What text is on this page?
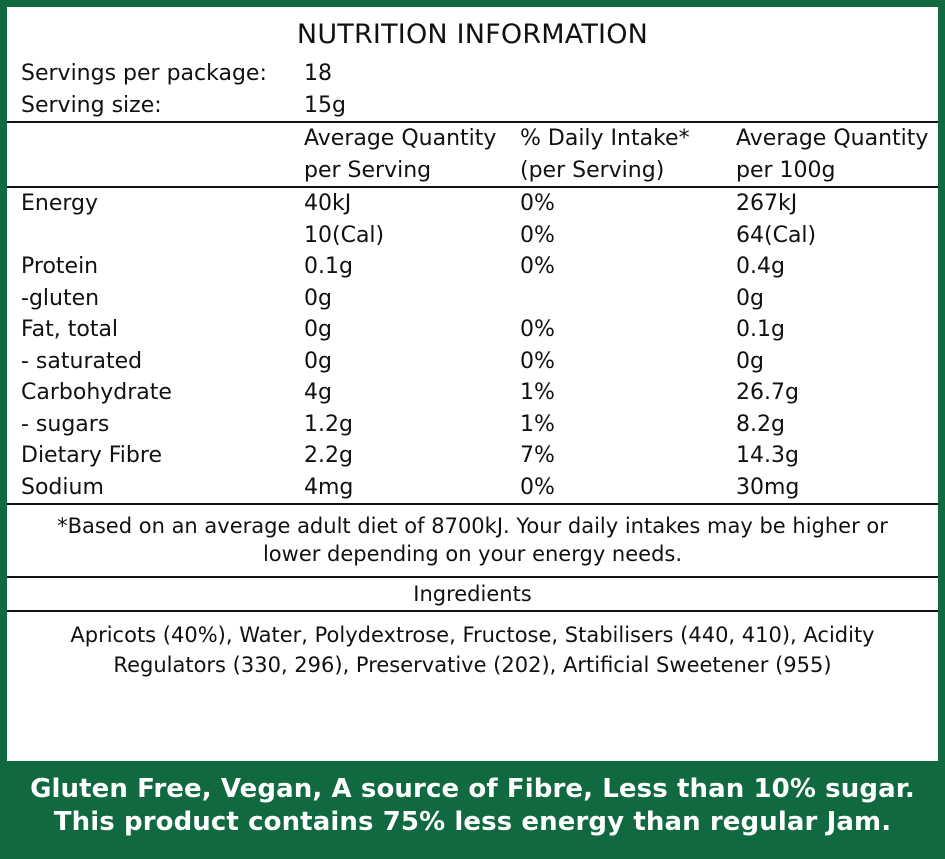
NUTRITION INFORMATION
Servings per package:	18		
Serving size:	15g		
	Average Quantity	% Daily Intake*	Average Quantity
	per Serving	(per Serving)	per 100g
Energy	40kJ	0%	267kJ
	10(Cal)	0%	64(Cal)
Protein	0.1g	0%	0.4g
-gluten	0g		0g
Fat, total	0g	0%	0.1g
- saturated	0g	0%	0g
Carbohydrate	4g	1%	26.7g
- sugars	1.2g	1%	8.2g
Dietary Fibre	2.2g	7%	14.3g
Sodium	4mg	0%	30mg
*Based on an average adult diet of 8700kJ. Your daily intakes may be higher or
lower depending on your energy needs.
Ingredients
Apricots (40%), Water, Polydextrose, Fructose, Stabilisers (440, 410), Acidity
Regulators (330, 296), Preservative (202), Artificial Sweetener (955)
Gluten Free, Vegan, A source of Fibre, Less than 10% sugar.
This product contains 75% less energy than regular Jam.
